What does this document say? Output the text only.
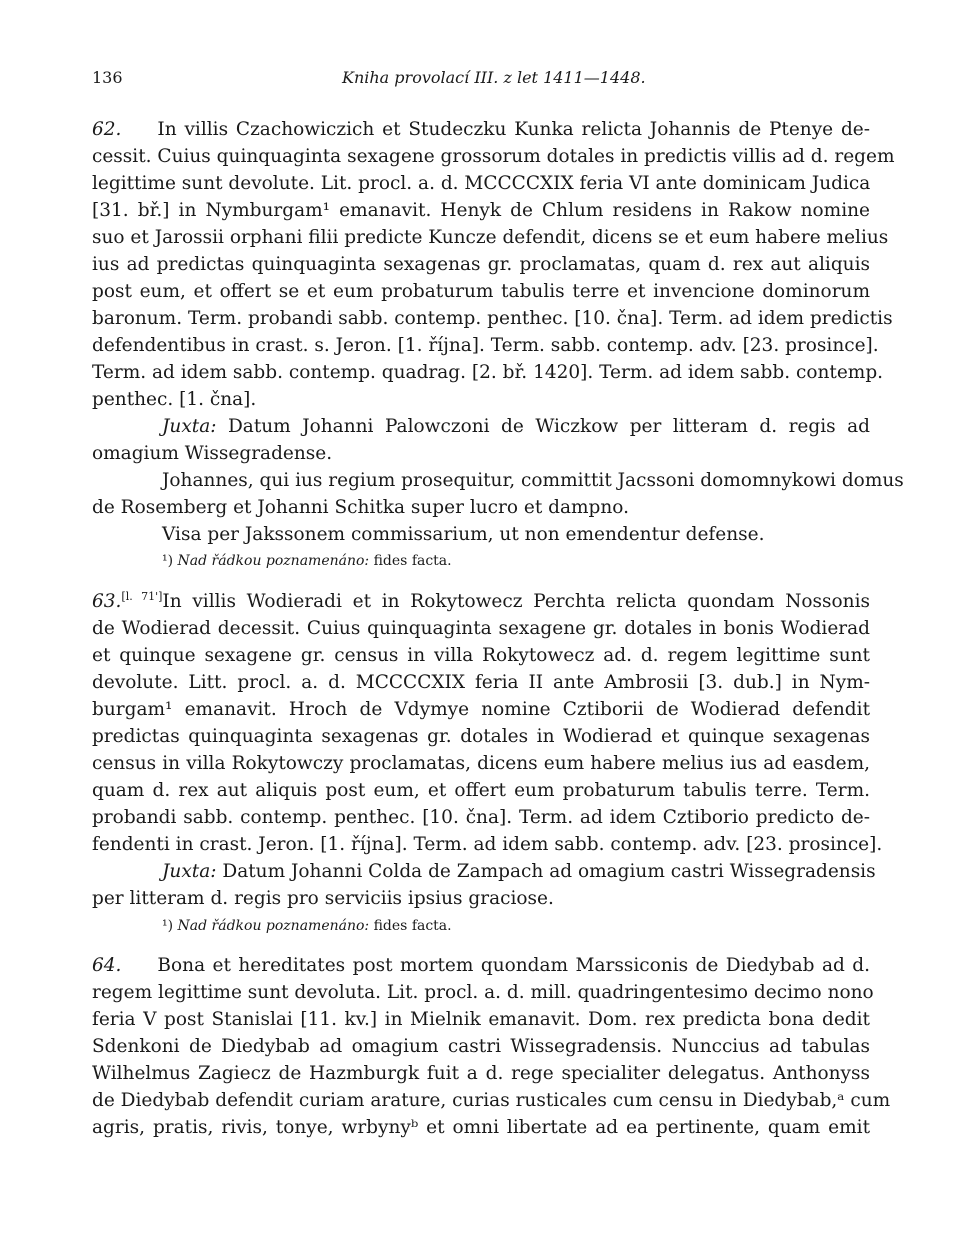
136	Kniha provolací III. z let 1411—1448.
62. In villis Czachowiczich et Studeczku Kunka relicta Johannis de Ptenye de-
cessit. Cuius quinquaginta sexagene grossorum dotales in predictis villis ad d. regem
legittime sunt devolute. Lit. procl. a. d. MCCCCXIX feria VI ante dominicam Judica
[31. bř.] in Nymburgam¹ emanavit. Henyk de Chlum residens in Rakow nomine
suo et Jarossii orphani filii predicte Kuncze defendit, dicens se et eum habere melius
ius ad predictas quinquaginta sexagenas gr. proclamatas, quam d. rex aut aliquis
post eum, et offert se et eum probaturum tabulis terre et invencione dominorum
baronum. Term. probandi sabb. contemp. penthec. [10. čna]. Term. ad idem predictis
defendentibus in crast. s. Jeron. [1. října]. Term. sabb. contemp. adv. [23. prosince].
Term. ad idem sabb. contemp. quadrag. [2. bř. 1420]. Term. ad idem sabb. contemp.
penthec. [1. čna].
Juxta: Datum Johanni Palowczoni de Wiczkow per litteram d. regis ad
omagium Wissegradense.
Johannes, qui ius regium prosequitur, committit Jacssoni domomnykowi domus
de Rosemberg et Johanni Schitka super lucro et dampno.
Visa per Jakssonem commissarium, ut non emendentur defense.
¹) Nad řádkou poznamenáno: fides facta.
63.[l. 71']In villis Wodieradi et in Rokytowecz Perchta relicta quondam Nossonis
de Wodierad decessit. Cuius quinquaginta sexagene gr. dotales in bonis Wodierad
et quinque sexagene gr. census in villa Rokytowecz ad. d. regem legittime sunt
devolute. Litt. procl. a. d. MCCCCXIX feria II ante Ambrosii [3. dub.] in Nym-
burgam¹ emanavit. Hroch de Vdymye nomine Cztiborii de Wodierad defendit
predictas quinquaginta sexagenas gr. dotales in Wodierad et quinque sexagenas
census in villa Rokytowczy proclamatas, dicens eum habere melius ius ad easdem,
quam d. rex aut aliquis post eum, et offert eum probaturum tabulis terre. Term.
probandi sabb. contemp. penthec. [10. čna]. Term. ad idem Cztiborio predicto de-
fendenti in crast. Jeron. [1. října]. Term. ad idem sabb. contemp. adv. [23. prosince].
Juxta: Datum Johanni Colda de Zampach ad omagium castri Wissegradensis
per litteram d. regis pro serviciis ipsius graciose.
¹) Nad řádkou poznamenáno: fides facta.
64. Bona et hereditates post mortem quondam Marssiconis de Diedybab ad d.
regem legittime sunt devoluta. Lit. procl. a. d. mill. quadringentesimo decimo nono
feria V post Stanislai [11. kv.] in Mielnik emanavit. Dom. rex predicta bona dedit
Sdenkoni de Diedybab ad omagium castri Wissegradensis. Nunccius ad tabulas
Wilhelmus Zagiecz de Hazmburgk fuit a d. rege specialiter delegatus. Anthonyss
de Diedybab defendit curiam arature, curias rusticales cum censu in Diedybab,ᵃ cum
agris, pratis, rivis, tonye, wrbynyᵇ et omni libertate ad ea pertinente, quam emit
